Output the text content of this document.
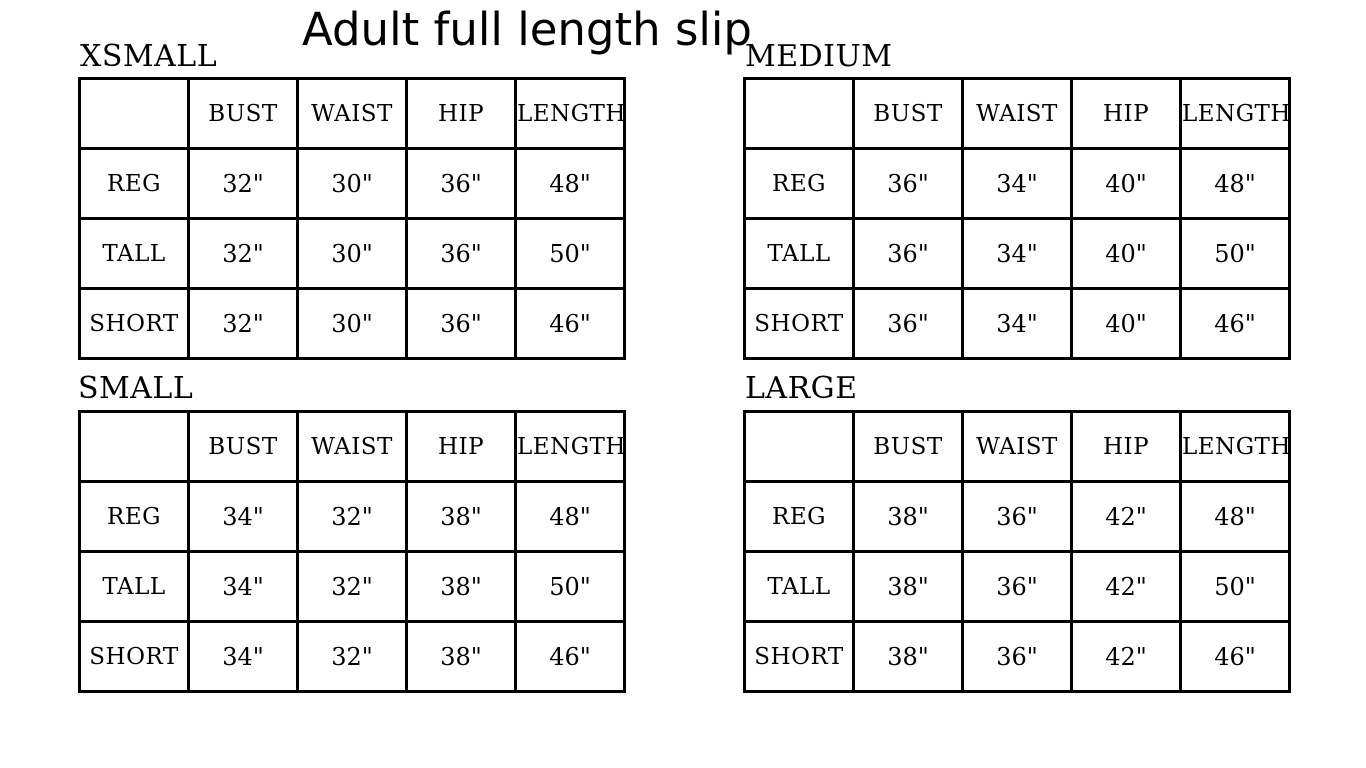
Adult full length slip
XSMALL
	BUST	WAIST	HIP	LENGTH
REG	32"	30"	36"	48"
TALL	32"	30"	36"	50"
SHORT	32"	30"	36"	46"
MEDIUM
	BUST	WAIST	HIP	LENGTH
REG	36"	34"	40"	48"
TALL	36"	34"	40"	50"
SHORT	36"	34"	40"	46"
SMALL
	BUST	WAIST	HIP	LENGTH
REG	34"	32"	38"	48"
TALL	34"	32"	38"	50"
SHORT	34"	32"	38"	46"
LARGE
	BUST	WAIST	HIP	LENGTH
REG	38"	36"	42"	48"
TALL	38"	36"	42"	50"
SHORT	38"	36"	42"	46"
